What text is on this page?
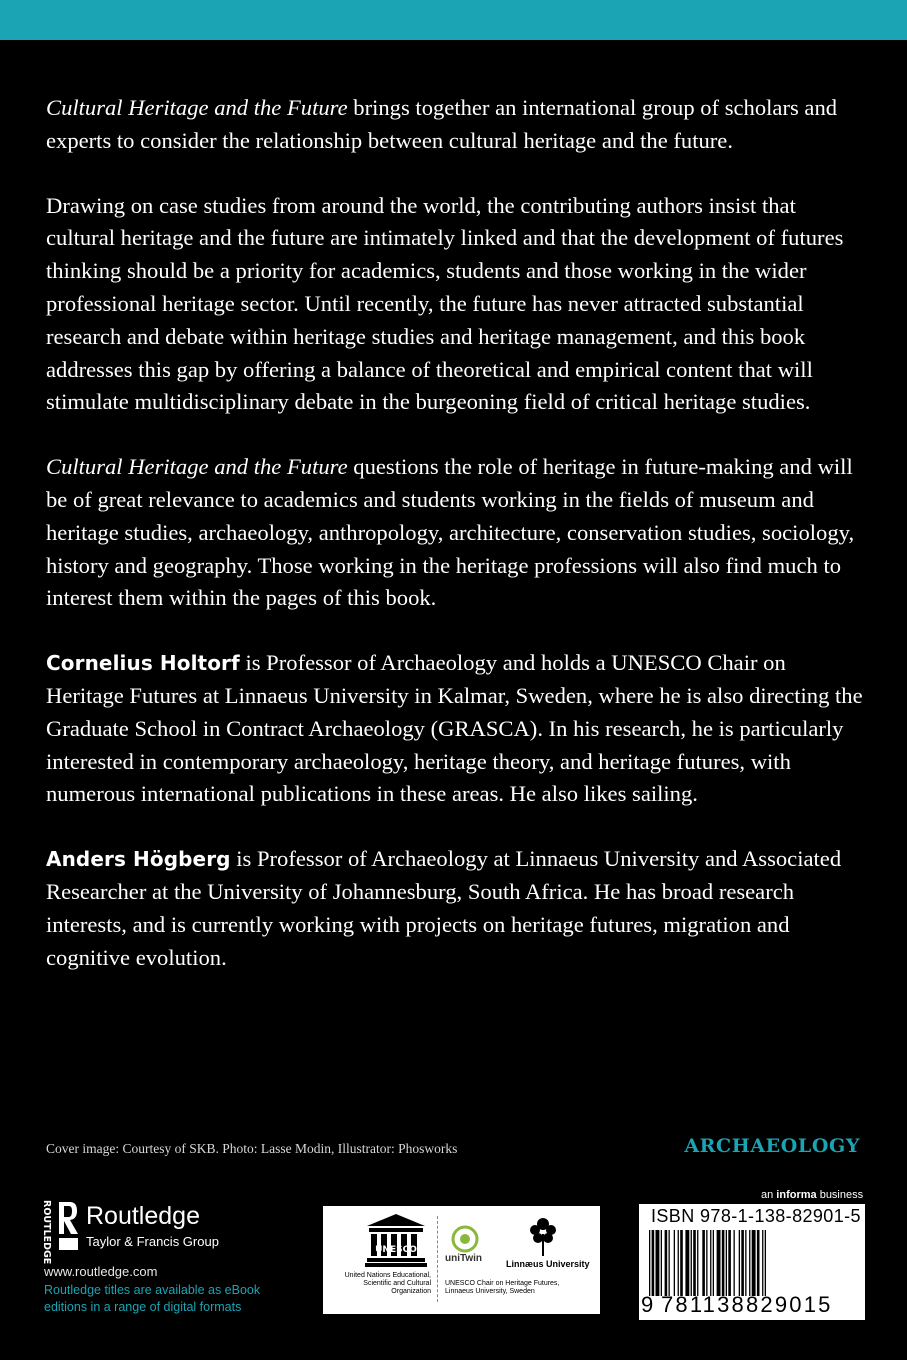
Cultural Heritage and the Future brings together an international group of scholars and experts to consider the relationship between cultural heritage and the future.

Drawing on case studies from around the world, the contributing authors insist that cultural heritage and the future are intimately linked and that the development of futures thinking should be a priority for academics, students and those working in the wider professional heritage sector. Until recently, the future has never attracted substantial research and debate within heritage studies and heritage management, and this book addresses this gap by offering a balance of theoretical and empirical content that will stimulate multidisciplinary debate in the burgeoning field of critical heritage studies.

Cultural Heritage and the Future questions the role of heritage in future-making and will be of great relevance to academics and students working in the fields of museum and heritage studies, archaeology, anthropology, architecture, conservation studies, sociology, history and geography. Those working in the heritage professions will also find much to interest them within the pages of this book.

Cornelius Holtorf is Professor of Archaeology and holds a UNESCO Chair on Heritage Futures at Linnaeus University in Kalmar, Sweden, where he is also directing the Graduate School in Contract Archaeology (GRASCA). In his research, he is particularly interested in contemporary archaeology, heritage theory, and heritage futures, with numerous international publications in these areas. He also likes sailing.

Anders Högberg is Professor of Archaeology at Linnaeus University and Associated Researcher at the University of Johannesburg, South Africa. He has broad research interests, and is currently working with projects on heritage futures, migration and cognitive evolution.

Cover image: Courtesy of SKB. Photo: Lasse Modin, Illustrator: Phosworks	ARCHAEOLOGY
ROUTLEDGE Routledge
Taylor & Francis Group
www.routledge.com
Routledge titles are available as eBook editions in a range of digital formats
UNESCO
United Nations Educational, Scientific and Cultural Organization
uniTwin
UNESCO Chair on Heritage Futures, Linnaeus University, Sweden
Linnæus University
an informa business
ISBN 978-1-138-82901-5
9 781138829015
